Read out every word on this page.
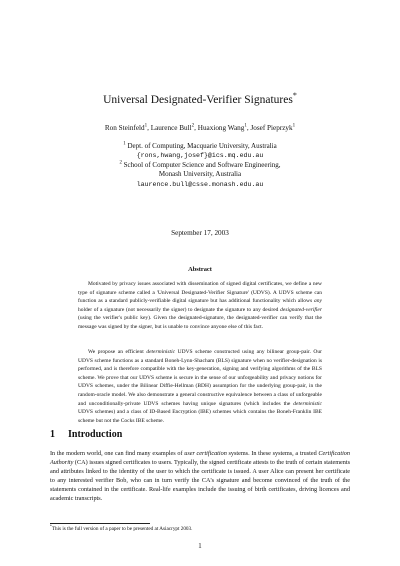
Universal Designated-Verifier Signatures*
Ron Steinfeld$^1$, Laurence Bull$^2$, Huaxiong Wang$^1$, Josef Pieprzyk$^1$
$^1$ Dept. of Computing, Macquarie University, Australia
{rons,hwang,josef}@ics.mq.edu.au
$^2$ School of Computer Science and Software Engineering,
Monash University, Australia
laurence.bull@csse.monash.edu.au
September 17, 2003
Abstract
Motivated by privacy issues associated with dissemination of signed digital certificates, we define a new type of signature scheme called a 'Universal Designated-Verifier Signature' (UDVS). A UDVS scheme can function as a standard publicly-verifiable digital signature but has additional functionality which allows any holder of a signature (not necessarily the signer) to designate the signature to any desired designated-verifier (using the verifier's public key). Given the designated-signature, the designated-verifier can verify that the message was signed by the signer, but is unable to convince anyone else of this fact.
We propose an efficient deterministic UDVS scheme constructed using any bilinear group-pair. Our UDVS scheme functions as a standard Boneh-Lynn-Shacham (BLS) signature when no verifier-designation is performed, and is therefore compatible with the key-generation, signing and verifying algorithms of the BLS scheme. We prove that our UDVS scheme is secure in the sense of our unforgeability and privacy notions for UDVS schemes, under the Bilinear Diffie-Hellman (BDH) assumption for the underlying group-pair, in the random-oracle model. We also demonstrate a general constructive equivalence between a class of unforgeable and unconditionally-private UDVS schemes having unique signatures (which includes the deterministic UDVS schemes) and a class of ID-Based Encryption (IBE) schemes which contains the Boneh-Franklin IBE scheme but not the Cocks IBE scheme.
1 Introduction
In the modern world, one can find many examples of user certification systems. In these systems, a trusted Certification Authority (CA) issues signed certificates to users. Typically, the signed certificate attests to the truth of certain statements and attributes linked to the identity of the user to which the certificate is issued. A user Alice can present her certificate to any interested verifier Bob, who can in turn verify the CA's signature and become convinced of the truth of the statements contained in the certificate. Real-life examples include the issuing of birth certificates, driving licences and academic transcripts.
*This is the full version of a paper to be presented at Asiacrypt 2003.
1
